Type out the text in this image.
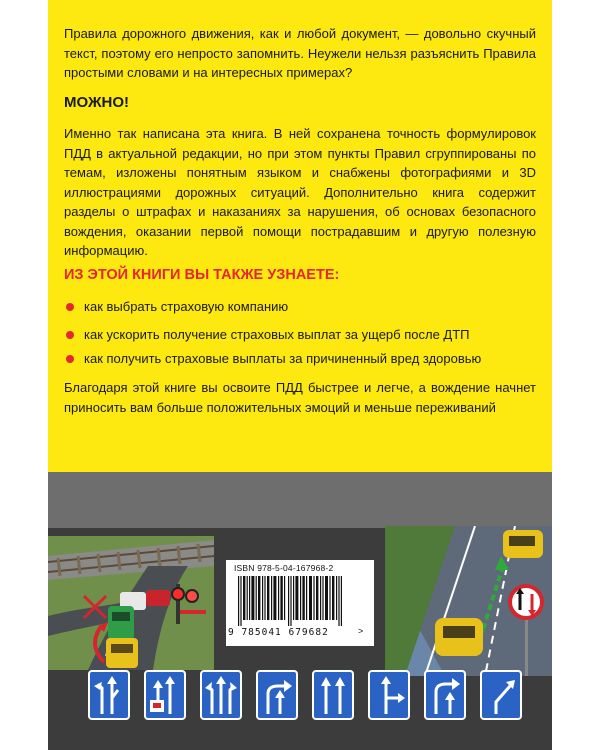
Правила дорожного движения, как и любой документ, — довольно скучный текст, поэтому его непросто запомнить. Неужели нельзя разъяснить Правила простыми словами и на интересных примерах?

МОЖНО!

Именно так написана эта книга. В ней сохранена точность формулировок ПДД в актуальной редакции, но при этом пункты Правил сгруппированы по темам, изложены понятным языком и снабжены фотографиями и 3D иллюстрациями дорожных ситуаций. Дополнительно книга содержит разделы о штрафах и наказаниях за нарушения, об основах безопасного вождения, оказании первой помощи пострадавшим и другую полезную информацию.

ИЗ ЭТОЙ КНИГИ ВЫ ТАКЖЕ УЗНАЕТЕ:

как выбрать страховую компанию
как ускорить получение страховых выплат за ущерб после ДТП
как получить страховые выплаты за причиненный вред здоровью

Благодаря этой книге вы освоите ПДД быстрее и легче, а вождение начнет приносить вам больше положительных эмоций и меньше переживаний

ISBN 978-5-04-167968-2
9 785041 679682	>
